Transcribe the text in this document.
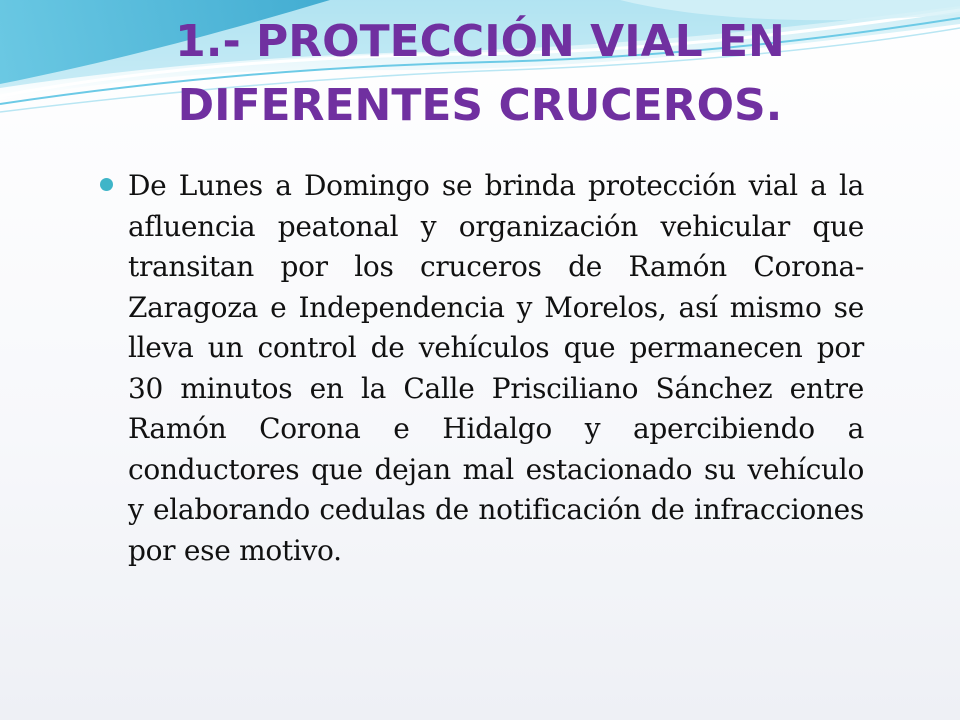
1.- PROTECCIÓN VIAL EN
DIFERENTES CRUCEROS.

De Lunes a Domingo se brinda protección vial a la afluencia peatonal y organización vehicular que transitan por los cruceros de Ramón Corona- Zaragoza e Independencia y Morelos, así mismo se lleva un control de vehículos que permanecen por 30 minutos en la Calle Prisciliano Sánchez entre Ramón Corona e Hidalgo y apercibiendo a conductores que dejan mal estacionado su vehículo y elaborando cedulas de notificación de infracciones por ese motivo.
